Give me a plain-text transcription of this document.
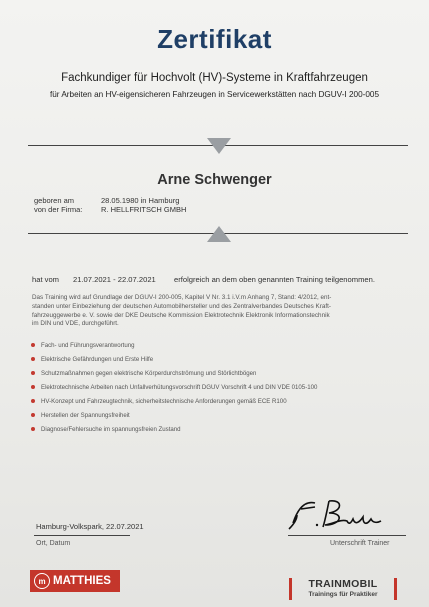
Zertifikat
Fachkundiger für Hochvolt (HV)-Systeme in Kraftfahrzeugen
für Arbeiten an HV-eigensicheren Fahrzeugen in Servicewerkstätten nach DGUV-I 200-005
Arne Schwenger
geboren am	28.05.1980 in Hamburg
von der Firma: R. HELLFRITSCH GMBH
hat vom 21.07.2021 - 22.07.2021 erfolgreich an dem oben genannten Training teilgenommen.
Das Training wird auf Grundlage der DGUV-I 200-005, Kapitel V Nr. 3.1 i.V.m Anhang 7, Stand: 4/2012, ent-
standen unter Einbeziehung der deutschen Automobilhersteller und des Zentralverbandes Deutsches Kraft-
fahrzeuggewerbe e. V. sowie der DKE Deutsche Kommission Elektrotechnik Elektronik Informationstechnik
im DIN und VDE, durchgeführt.
Fach- und Führungsverantwortung
Elektrische Gefährdungen und Erste Hilfe
Schutzmaßnahmen gegen elektrische Körperdurchströmung und Störlichtbögen
Elektrotechnische Arbeiten nach Unfallverhütungsvorschrift DGUV Vorschrift 4 und DIN VDE 0105-100
HV-Konzept und Fahrzeugtechnik, sicherheitstechnische Anforderungen gemäß ECE R100
Herstellen der Spannungsfreiheit
Diagnose/Fehlersuche im spannungsfreien Zustand
Hamburg-Volkspark, 22.07.2021
Ort, Datum	Unterschrift Trainer
m MATTHIES	TRAINMOBIL
Trainings für Praktiker
